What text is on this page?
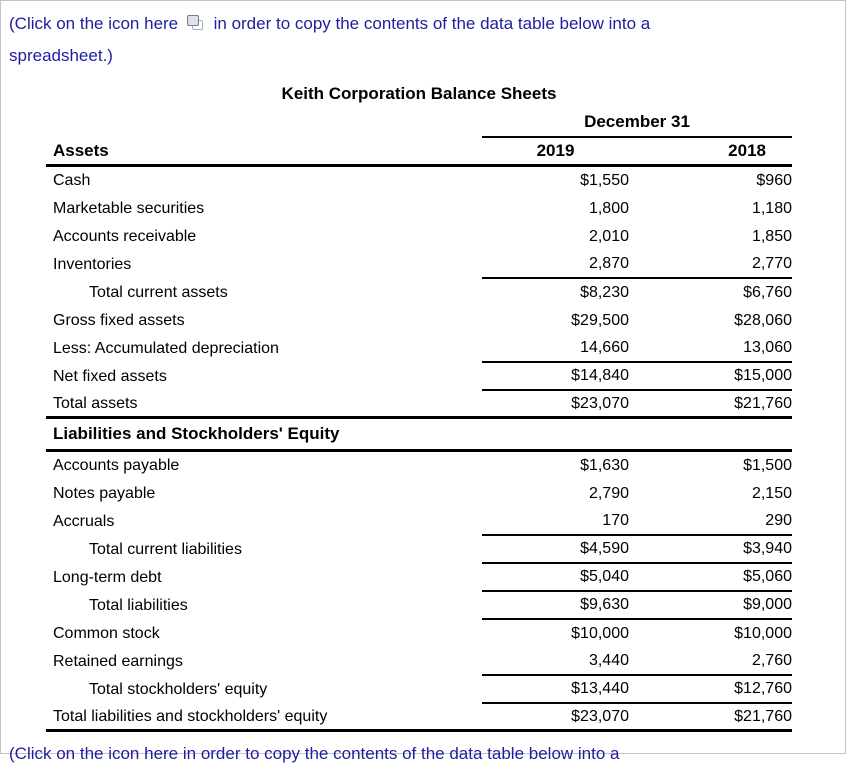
(Click on the icon here in order to copy the contents of the data table below into a
spreadsheet.)
Keith Corporation Balance Sheets
December 31
Assets	2019	2018
Cash	$1,550	$960
Marketable securities	1,800	1,180
Accounts receivable	2,010	1,850
Inventories	2,870	2,770
Total current assets	$8,230	$6,760
Gross fixed assets	$29,500	$28,060
Less: Accumulated depreciation	14,660	13,060
Net fixed assets	$14,840	$15,000
Total assets	$23,070	$21,760
Liabilities and Stockholders' Equity
Accounts payable	$1,630	$1,500
Notes payable	2,790	2,150
Accruals	170	290
Total current liabilities	$4,590	$3,940
Long-term debt	$5,040	$5,060
Total liabilities	$9,630	$9,000
Common stock	$10,000	$10,000
Retained earnings	3,440	2,760
Total stockholders' equity	$13,440	$12,760
Total liabilities and stockholders' equity	$23,070	$21,760
(Click on the icon here in order to copy the contents of the data table below into a
